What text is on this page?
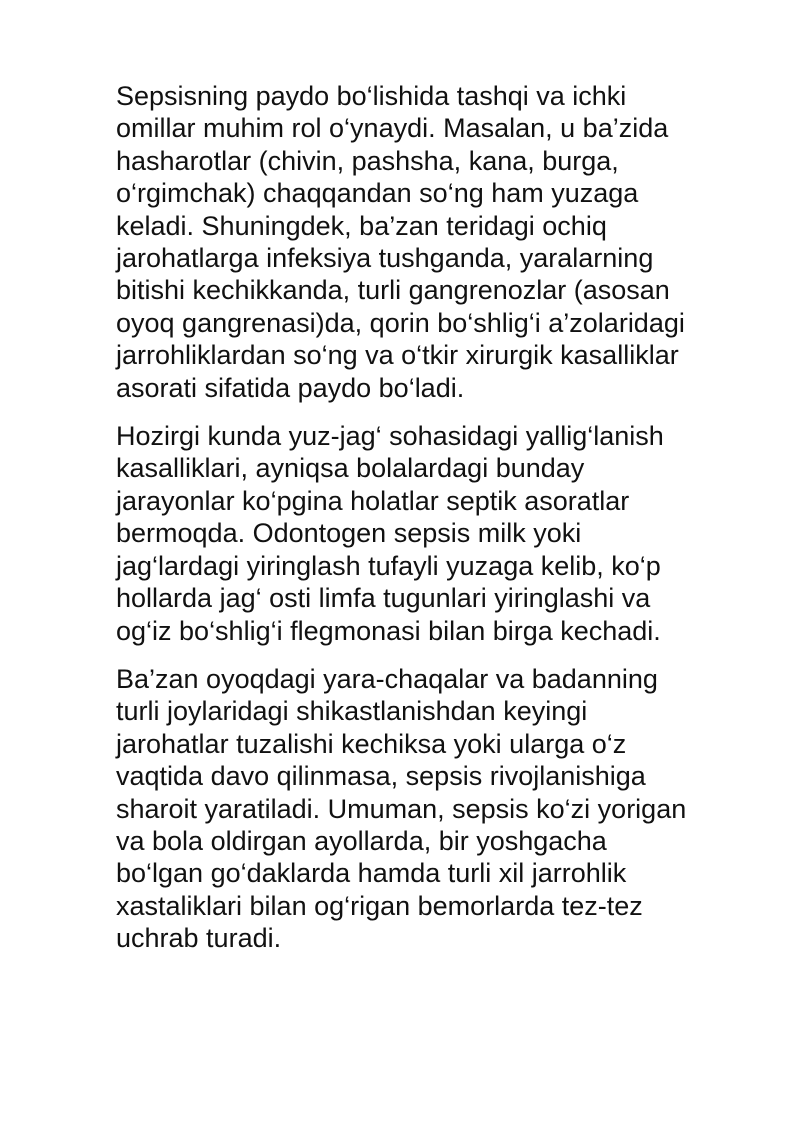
Sepsisning paydo bo‘lishida tashqi va ichki
omillar muhim rol o‘ynaydi. Masalan, u ba’zida
hasharotlar (chivin, pashsha, kana, burga,
o‘rgimchak) chaqqandan so‘ng ham yuzaga
keladi. Shuningdek, ba’zan teridagi ochiq
jarohatlarga infeksiya tushganda, yaralarning
bitishi kechikkanda, turli gangrenozlar (asosan
oyoq gangrenasi)da, qorin bo‘shlig‘i a’zolaridagi
jarrohliklardan so‘ng va o‘tkir xirurgik kasalliklar
asorati sifatida paydo bo‘ladi.

Hozirgi kunda yuz-jag‘ sohasidagi yallig‘lanish
kasalliklari, ayniqsa bolalardagi bunday
jarayonlar ko‘pgina holatlar septik asoratlar
bermoqda. Odontogen sepsis milk yoki
jag‘lardagi yiringlash tufayli yuzaga kelib, ko‘p
hollarda jag‘ osti limfa tugunlari yiringlashi va
og‘iz bo‘shlig‘i flegmonasi bilan birga kechadi.

Ba’zan oyoqdagi yara-chaqalar va badanning
turli joylaridagi shikastlanishdan keyingi
jarohatlar tuzalishi kechiksa yoki ularga o‘z
vaqtida davo qilinmasa, sepsis rivojlanishiga
sharoit yaratiladi. Umuman, sepsis ko‘zi yorigan
va bola oldirgan ayollarda, bir yoshgacha
bo‘lgan go‘daklarda hamda turli xil jarrohlik
xastaliklari bilan og‘rigan bemorlarda tez-tez
uchrab turadi.
